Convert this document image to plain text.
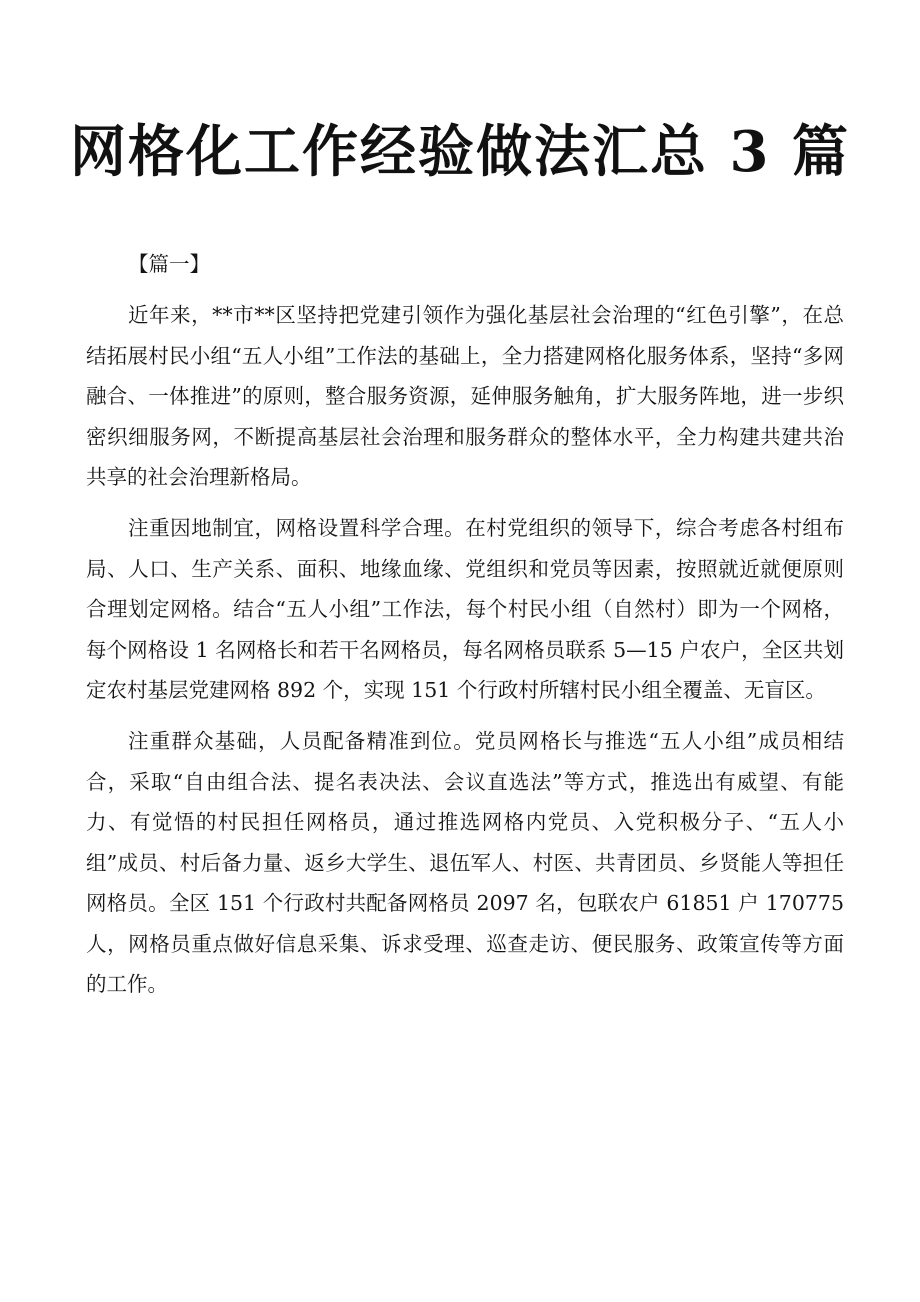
网格化工作经验做法汇总 3 篇

【篇一】

近年来，**市**区坚持把党建引领作为强化基层社会治理的“红色引擎”，在总结拓展村民小组“五人小组”工作法的基础上，全力搭建网格化服务体系，坚持“多网融合、一体推进”的原则，整合服务资源，延伸服务触角，扩大服务阵地，进一步织密织细服务网，不断提高基层社会治理和服务群众的整体水平，全力构建共建共治共享的社会治理新格局。

注重因地制宜，网格设置科学合理。在村党组织的领导下，综合考虑各村组布局、人口、生产关系、面积、地缘血缘、党组织和党员等因素，按照就近就便原则合理划定网格。结合“五人小组”工作法，每个村民小组（自然村）即为一个网格，每个网格设 1 名网格长和若干名网格员，每名网格员联系 5—15 户农户，全区共划定农村基层党建网格 892 个，实现 151 个行政村所辖村民小组全覆盖、无盲区。

注重群众基础，人员配备精准到位。党员网格长与推选“五人小组”成员相结合，采取“自由组合法、提名表决法、会议直选法”等方式，推选出有威望、有能力、有觉悟的村民担任网格员，通过推选网格内党员、入党积极分子、“五人小组”成员、村后备力量、返乡大学生、退伍军人、村医、共青团员、乡贤能人等担任网格员。全区 151 个行政村共配备网格员 2097 名，包联农户 61851 户 170775 人，网格员重点做好信息采集、诉求受理、巡查走访、便民服务、政策宣传等方面的工作。
